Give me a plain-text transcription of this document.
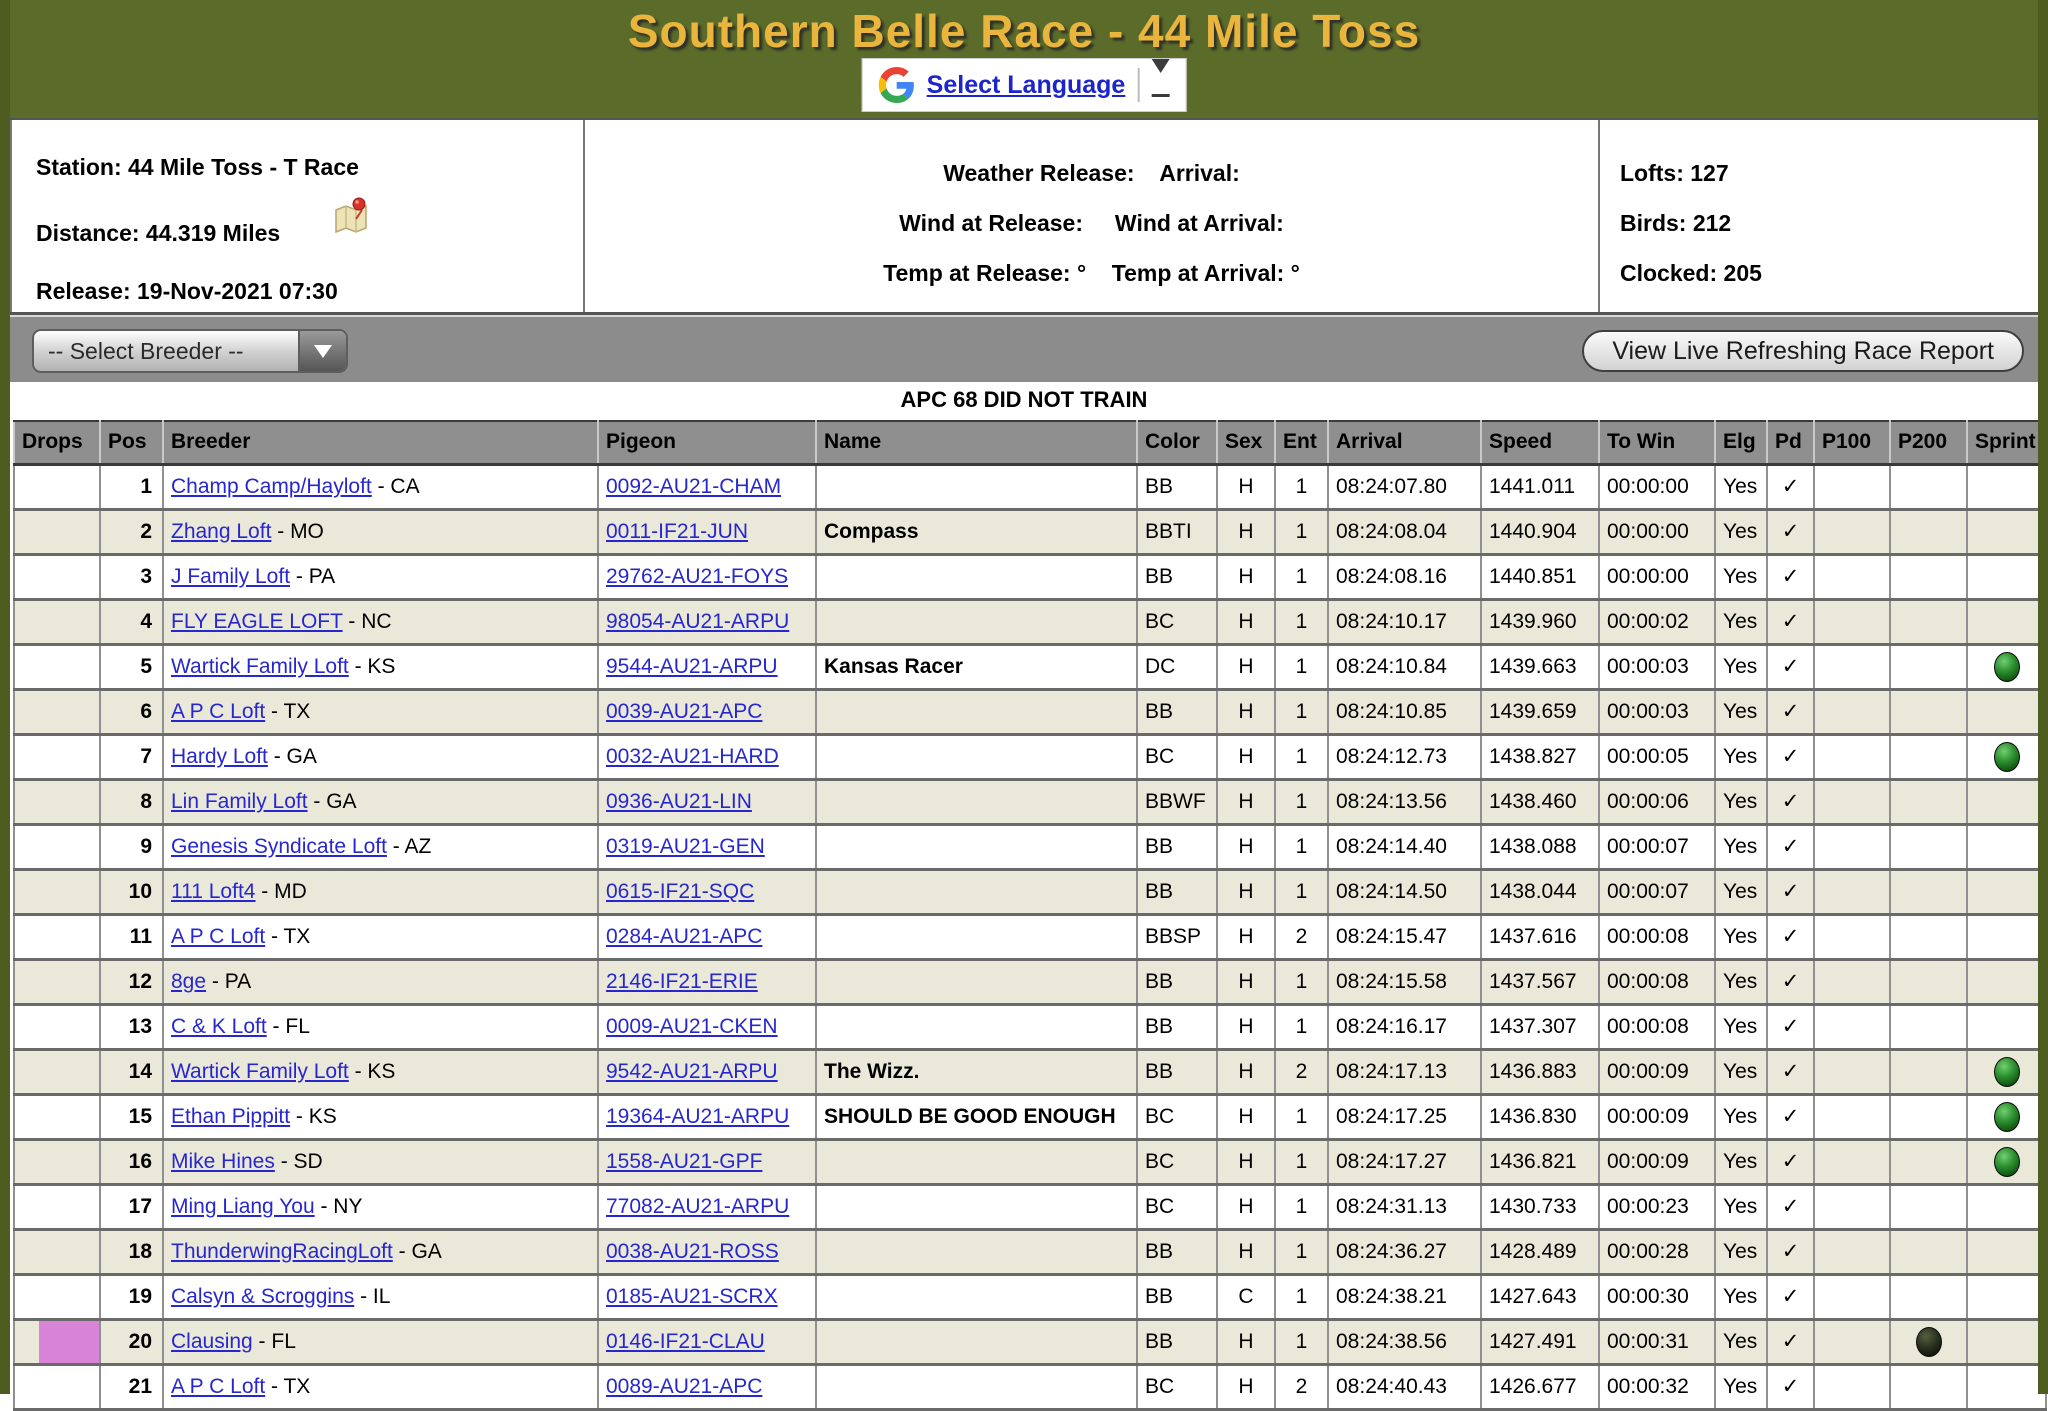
Southern Belle Race - 44 Mile Toss
Select Language
Station: 44 Mile Toss - T Race
Distance: 44.319 Miles
Release: 19-Nov-2021 07:30
Weather Release:    Arrival:
Wind at Release:     Wind at Arrival:
Temp at Release: °    Temp at Arrival: °
Lofts: 127
Birds: 212
Clocked: 205
-- Select Breeder --	View Live Refreshing Race Report
APC 68 DID NOT TRAIN
Drops	Pos	Breeder	Pigeon	Name	Color	Sex	Ent	Arrival	Speed	To Win	Elg	Pd	P100	P200	Sprint
	1	Champ Camp/Hayloft - CA	0092-AU21-CHAM		BB	H	1	08:24:07.80	1441.011	00:00:00	Yes	✓			
	2	Zhang Loft - MO	0011-IF21-JUN	Compass	BBTI	H	1	08:24:08.04	1440.904	00:00:00	Yes	✓			
	3	J Family Loft - PA	29762-AU21-FOYS		BB	H	1	08:24:08.16	1440.851	00:00:00	Yes	✓			
	4	FLY EAGLE LOFT - NC	98054-AU21-ARPU		BC	H	1	08:24:10.17	1439.960	00:00:02	Yes	✓			
	5	Wartick Family Loft - KS	9544-AU21-ARPU	Kansas Racer	DC	H	1	08:24:10.84	1439.663	00:00:03	Yes	✓			
	6	A P C Loft - TX	0039-AU21-APC		BB	H	1	08:24:10.85	1439.659	00:00:03	Yes	✓			
	7	Hardy Loft - GA	0032-AU21-HARD		BC	H	1	08:24:12.73	1438.827	00:00:05	Yes	✓			
	8	Lin Family Loft - GA	0936-AU21-LIN		BBWF	H	1	08:24:13.56	1438.460	00:00:06	Yes	✓			
	9	Genesis Syndicate Loft - AZ	0319-AU21-GEN		BB	H	1	08:24:14.40	1438.088	00:00:07	Yes	✓			
	10	111 Loft4 - MD	0615-IF21-SQC		BB	H	1	08:24:14.50	1438.044	00:00:07	Yes	✓			
	11	A P C Loft - TX	0284-AU21-APC		BBSP	H	2	08:24:15.47	1437.616	00:00:08	Yes	✓			
	12	8ge - PA	2146-IF21-ERIE		BB	H	1	08:24:15.58	1437.567	00:00:08	Yes	✓			
	13	C & K Loft - FL	0009-AU21-CKEN		BB	H	1	08:24:16.17	1437.307	00:00:08	Yes	✓			
	14	Wartick Family Loft - KS	9542-AU21-ARPU	The Wizz.	BB	H	2	08:24:17.13	1436.883	00:00:09	Yes	✓			
	15	Ethan Pippitt - KS	19364-AU21-ARPU	SHOULD BE GOOD ENOUGH	BC	H	1	08:24:17.25	1436.830	00:00:09	Yes	✓			
	16	Mike Hines - SD	1558-AU21-GPF		BC	H	1	08:24:17.27	1436.821	00:00:09	Yes	✓			
	17	Ming Liang You - NY	77082-AU21-ARPU		BC	H	1	08:24:31.13	1430.733	00:00:23	Yes	✓			
	18	ThunderwingRacingLoft - GA	0038-AU21-ROSS		BB	H	1	08:24:36.27	1428.489	00:00:28	Yes	✓			
	19	Calsyn & Scroggins - IL	0185-AU21-SCRX		BB	C	1	08:24:38.21	1427.643	00:00:30	Yes	✓			
	20	Clausing - FL	0146-IF21-CLAU		BB	H	1	08:24:38.56	1427.491	00:00:31	Yes	✓			
	21	A P C Loft - TX	0089-AU21-APC		BC	H	2	08:24:40.43	1426.677	00:00:32	Yes	✓			
